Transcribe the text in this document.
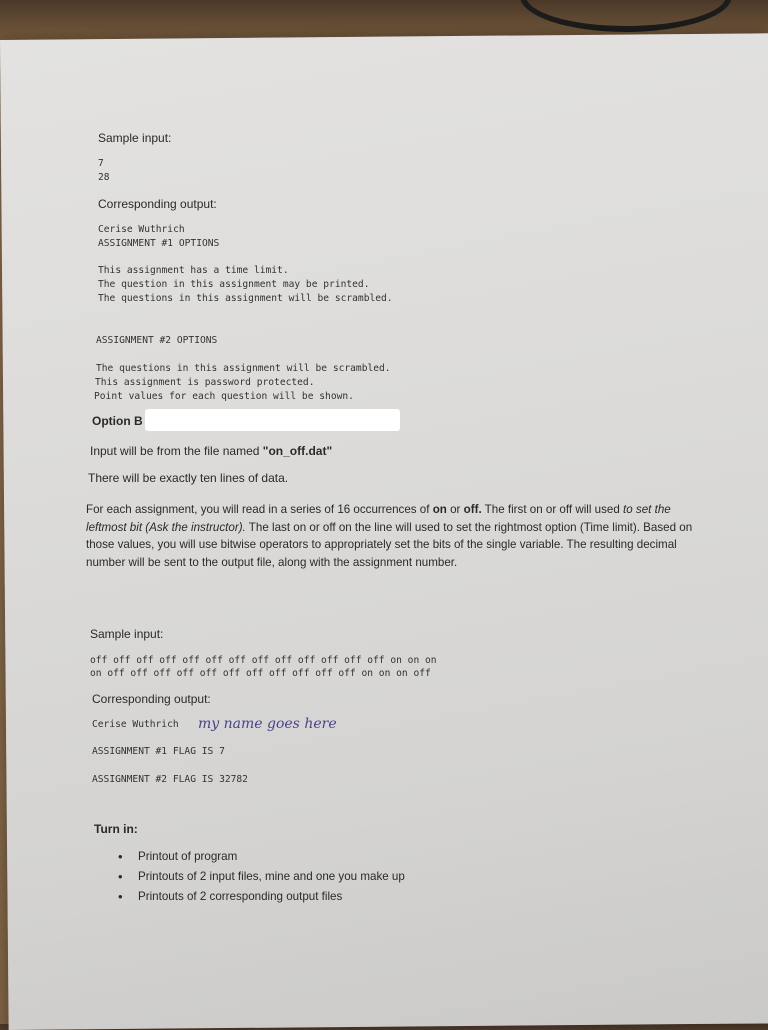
Sample input:
7
28
Corresponding output:
Cerise Wuthrich
ASSIGNMENT #1 OPTIONS
This assignment has a time limit.
The question in this assignment may be printed.
The questions in this assignment will be scrambled.
ASSIGNMENT #2 OPTIONS
The questions in this assignment will be scrambled.
This assignment is password protected.
Point values for each question will be shown.
Option B
Input will be from the file named "on_off.dat"
There will be exactly ten lines of data.
For each assignment, you will read in a series of 16 occurrences of on or off. The first on or off will used to set the leftmost bit (Ask the instructor). The last on or off on the line will used to set the rightmost option (Time limit). Based on those values, you will use bitwise operators to appropriately set the bits of the single variable. The resulting decimal number will be sent to the output file, along with the assignment number.
Sample input:
off off off off off off off off off off off off off on on on
on off off off off off off off off off off off on on on off
Corresponding output:
Cerise Wuthrich my name goes here
ASSIGNMENT #1 FLAG IS 7
ASSIGNMENT #2 FLAG IS 32782
Turn in:
• Printout of program
• Printouts of 2 input files, mine and one you make up
• Printouts of 2 corresponding output files
